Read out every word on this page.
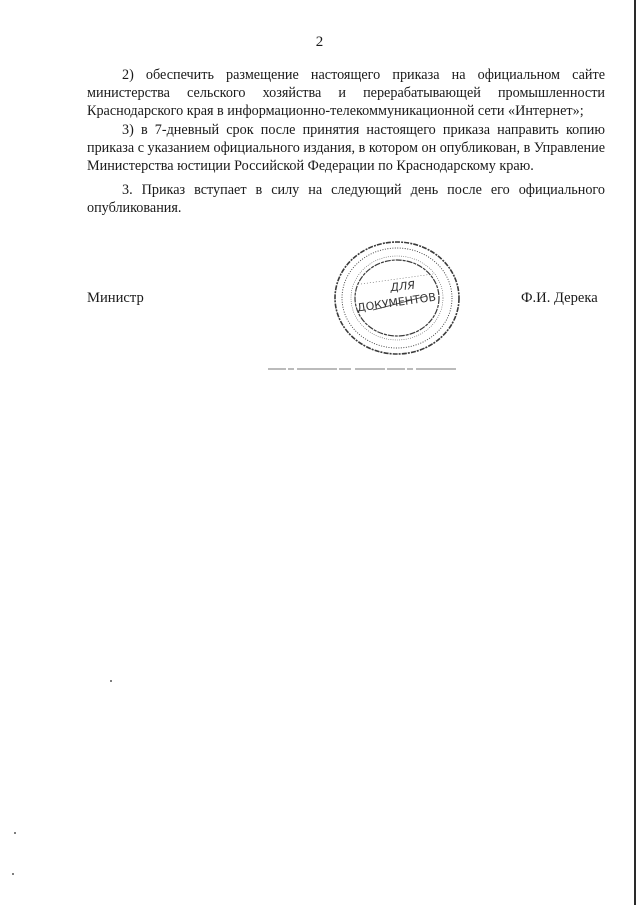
2

2) обеспечить размещение настоящего приказа на официальном сайте министерства сельского хозяйства и перерабатывающей промышленности Краснодарского края в информационно-телекоммуникационной сети «Интернет»;

3) в 7-дневный срок после принятия настоящего приказа направить копию приказа с указанием официального издания, в котором он опубликован, в Управление Министерства юстиции Российской Федерации по Краснодарскому краю.

3. Приказ вступает в силу на следующий день после его официального опубликования.

Министр
ДЛЯ
ДОКУМЕНТОВ	Ф.И. Дерека
